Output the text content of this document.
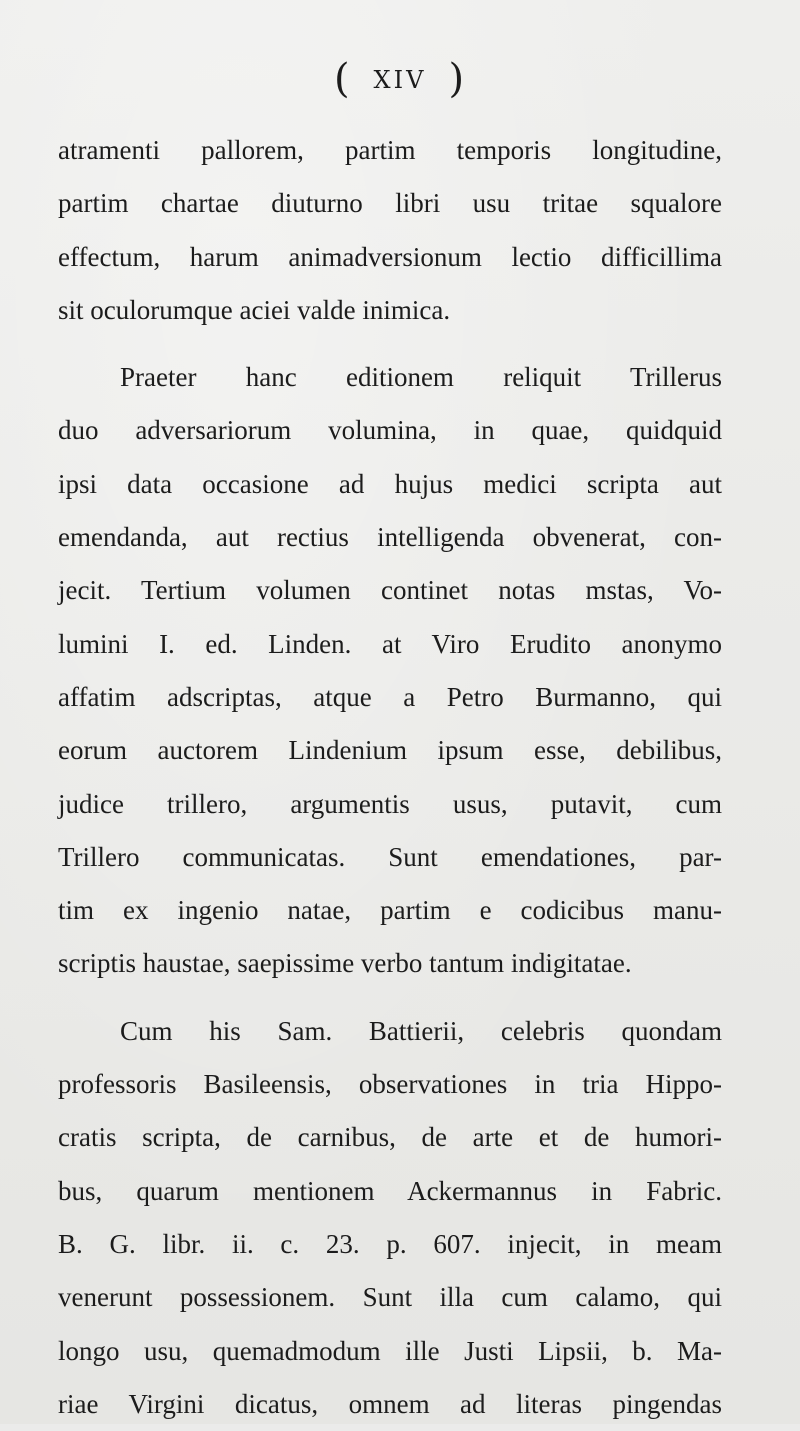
( XIV )
atramenti pallorem, partim temporis longitudine,
partim chartae diuturno libri usu tritae squalore
effectum, harum animadversionum lectio difficillima
sit oculorumque aciei valde inimica.
Praeter hanc editionem reliquit Trillerus
duo adversariorum volumina, in quae, quidquid
ipsi data occasione ad hujus medici scripta aut
emendanda, aut rectius intelligenda obvenerat, con-
jecit. Tertium volumen continet notas mstas, Vo-
lumini I. ed. Linden. at Viro Erudito anonymo
affatim adscriptas, atque a Petro Burmanno, qui
eorum auctorem Lindenium ipsum esse, debilibus,
judice trillero, argumentis usus, putavit, cum
Trillero communicatas. Sunt emendationes, par-
tim ex ingenio natae, partim e codicibus manu-
scriptis haustae, saepissime verbo tantum indigitatae.
Cum his Sam. Battierii, celebris quondam
professoris Basileensis, observationes in tria Hippo-
cratis scripta, de carnibus, de arte et de humori-
bus, quarum mentionem Ackermannus in Fabric.
B. G. libr. ii. c. 23. p. 607. injecit, in meam
venerunt possessionem. Sunt illa cum calamo, qui
longo usu, quemadmodum ille Justi Lipsii, b. Ma-
riae Virgini dicatus, omnem ad literas pingendas
